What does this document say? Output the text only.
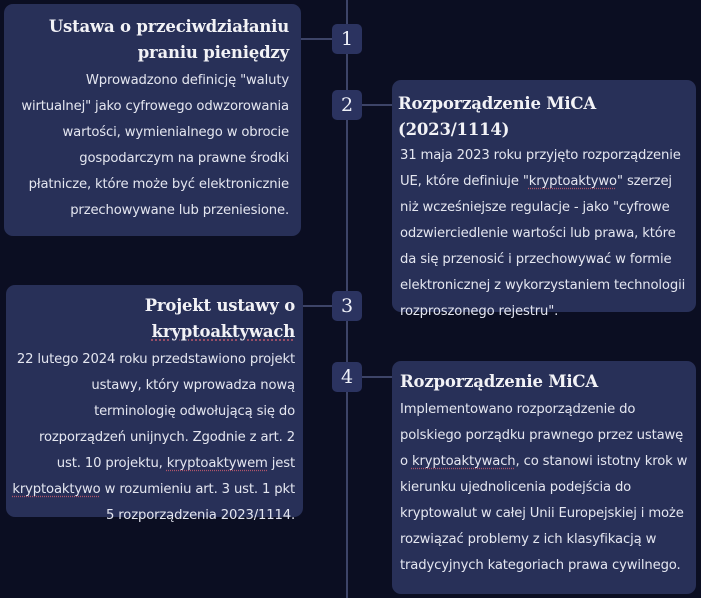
1
2
3
4
Ustawa o przeciwdziałaniu
praniu pieniędzy

Wprowadzono definicję "waluty wirtualnej" jako cyfrowego odwzorowania wartości, wymienialnego w obrocie gospodarczym na prawne środki płatnicze, które może być elektronicznie przechowywane lub przeniesione.

Rozporządzenie MiCA (2023/1114)

31 maja 2023 roku przyjęto rozporządzenie UE, które definiuje "kryptoaktywo" szerzej niż wcześniejsze regulacje - jako "cyfrowe odzwierciedlenie wartości lub prawa, które da się przenosić i przechowywać w formie elektronicznej z wykorzystaniem technologii rozproszonego rejestru".

Projekt ustawy o kryptoaktywach

22 lutego 2024 roku przedstawiono projekt ustawy, który wprowadza nową terminologię odwołującą się do rozporządzeń unijnych. Zgodnie z art. 2 ust. 10 projektu, kryptoaktywem jest kryptoaktywo w rozumieniu art. 3 ust. 1 pkt 5 rozporządzenia 2023/1114.

Rozporządzenie MiCA

Implementowano rozporządzenie do polskiego porządku prawnego przez ustawę o kryptoaktywach, co stanowi istotny krok w kierunku ujednolicenia podejścia do kryptowalut w całej Unii Europejskiej i może rozwiązać problemy z ich klasyfikacją w tradycyjnych kategoriach prawa cywilnego.
